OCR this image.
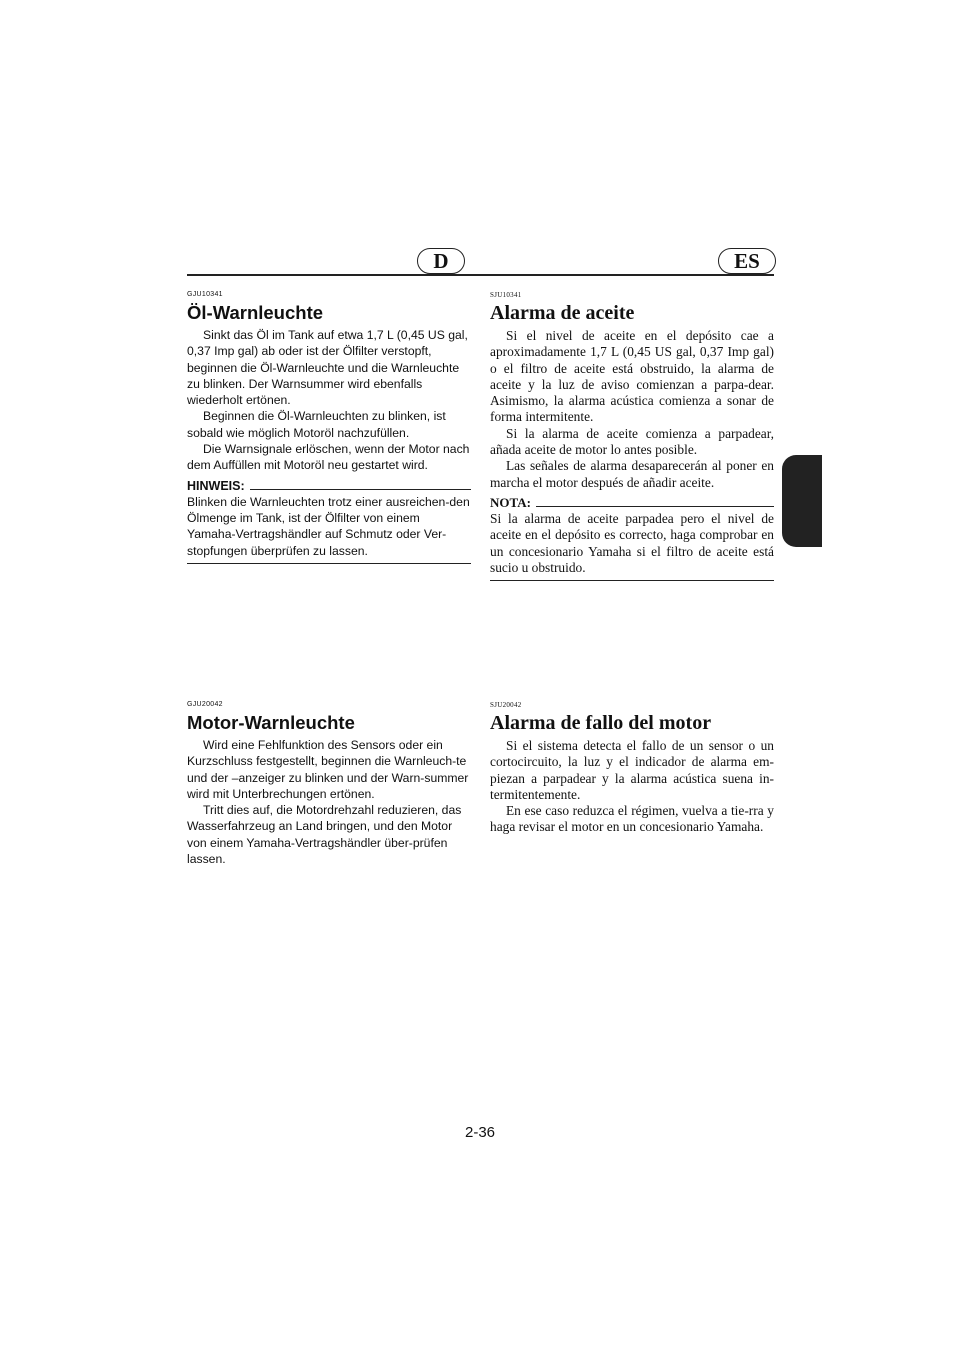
D	ES
GJU10341
Öl-Warnleuchte

Sinkt das Öl im Tank auf etwa 1,7 L (0,45 US gal, 0,37 Imp gal) ab oder ist der Ölfilter verstopft, beginnen die Öl-Warnleuchte und die Warnleuchte zu blinken. Der Warnsummer wird ebenfalls wiederholt ertönen.

Beginnen die Öl-Warnleuchten zu blinken, ist sobald wie möglich Motoröl nachzufüllen.

Die Warnsignale erlöschen, wenn der Motor nach dem Auffüllen mit Motoröl neu gestartet wird.

HINWEIS:

Blinken die Warnleuchten trotz einer ausreichen-den Ölmenge im Tank, ist der Ölfilter von einem Yamaha-Vertragshändler auf Schmutz oder Ver-stopfungen überprüfen zu lassen.

SJU10341
Alarma de aceite

Si el nivel de aceite en el depósito cae a aproximadamente 1,7 L (0,45 US gal, 0,37 Imp gal) o el filtro de aceite está obstruido, la alarma de aceite y la luz de aviso comienzan a parpa-dear. Asimismo, la alarma acústica comienza a sonar de forma intermitente.

Si la alarma de aceite comienza a parpadear, añada aceite de motor lo antes posible.

Las señales de alarma desaparecerán al poner en marcha el motor después de añadir aceite.

NOTA:

Si la alarma de aceite parpadea pero el nivel de aceite en el depósito es correcto, haga comprobar en un concesionario Yamaha si el filtro de aceite está sucio u obstruido.

GJU20042
Motor-Warnleuchte

Wird eine Fehlfunktion des Sensors oder ein Kurzschluss festgestellt, beginnen die Warnleuch-te und der –anzeiger zu blinken und der Warn-summer wird mit Unterbrechungen ertönen.

Tritt dies auf, die Motordrehzahl reduzieren, das Wasserfahrzeug an Land bringen, und den Motor von einem Yamaha-Vertragshändler über-prüfen lassen.

SJU20042
Alarma de fallo del motor

Si el sistema detecta el fallo de un sensor o un cortocircuito, la luz y el indicador de alarma em-piezan a parpadear y la alarma acústica suena in-termitentemente.

En ese caso reduzca el régimen, vuelva a tie-rra y haga revisar el motor en un concesionario Yamaha.

2-36
